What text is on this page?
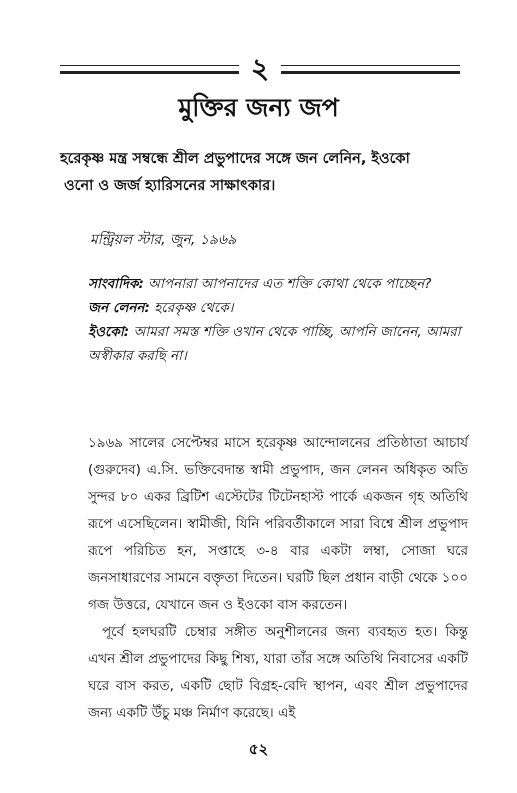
২
মুক্তির জন্য জপ
হরেকৃষ্ণ মন্ত্র সম্বন্ধে শ্রীল প্রভুপাদের সঙ্গে জন লেনিন, ইওকো
ওনো ও জর্জ হ্যারিসনের সাক্ষাৎকার।
মন্ট্রিয়ল স্টার, জুন, ১৯৬৯

সাংবাদিক: আপনারা আপনাদের এত শক্তি কোথা থেকে পাচ্ছেন?

জন লেনন: হরেকৃষ্ণ থেকে।

ইওকো: আমরা সমস্ত শক্তি ওখান থেকে পাচ্ছি, আপনি জানেন, আমরা অস্বীকার করছি না।

১৯৬৯ সালের সেপ্টেম্বর মাসে হরেকৃষ্ণ আন্দোলনের প্রতিষ্ঠাতা আচার্য (গুরুদেব) এ.সি. ভক্তিবেদান্ত স্বামী প্রভুপাদ, জন লেনন অধিকৃত অতি সুন্দর ৮০ একর ব্রিটিশ এস্টেটের টিটেনহাস্ট পার্কে একজন গৃহ অতিথি রূপে এসেছিলেন। স্বামীজী, যিনি পরিবর্তীকালে সারা বিশ্বে শ্রীল প্রভুপাদ রূপে পরিচিত হন, সপ্তাহে ৩-৪ বার একটা লম্বা, সোজা ঘরে জনসাধারণের সামনে বক্তৃতা দিতেন। ঘরটি ছিল প্রধান বাড়ী থেকে ১০০ গজ উত্তরে, যেখানে জন ও ইওকো বাস করতেন।

পূর্বে হলঘরটি চেম্বার সঙ্গীত অনুশীলনের জন্য ব্যবহৃত হত। কিন্তু এখন শ্রীল প্রভুপাদের কিছু শিষ্য, যারা তাঁর সঙ্গে অতিথি নিবাসের একটি ঘরে বাস করত, একটি ছোট বিগ্রহ-বেদি স্থাপন, এবং শ্রীল প্রভুপাদের জন্য একটি উঁচু মঞ্চ নির্মাণ করেছে। এই

৫২
